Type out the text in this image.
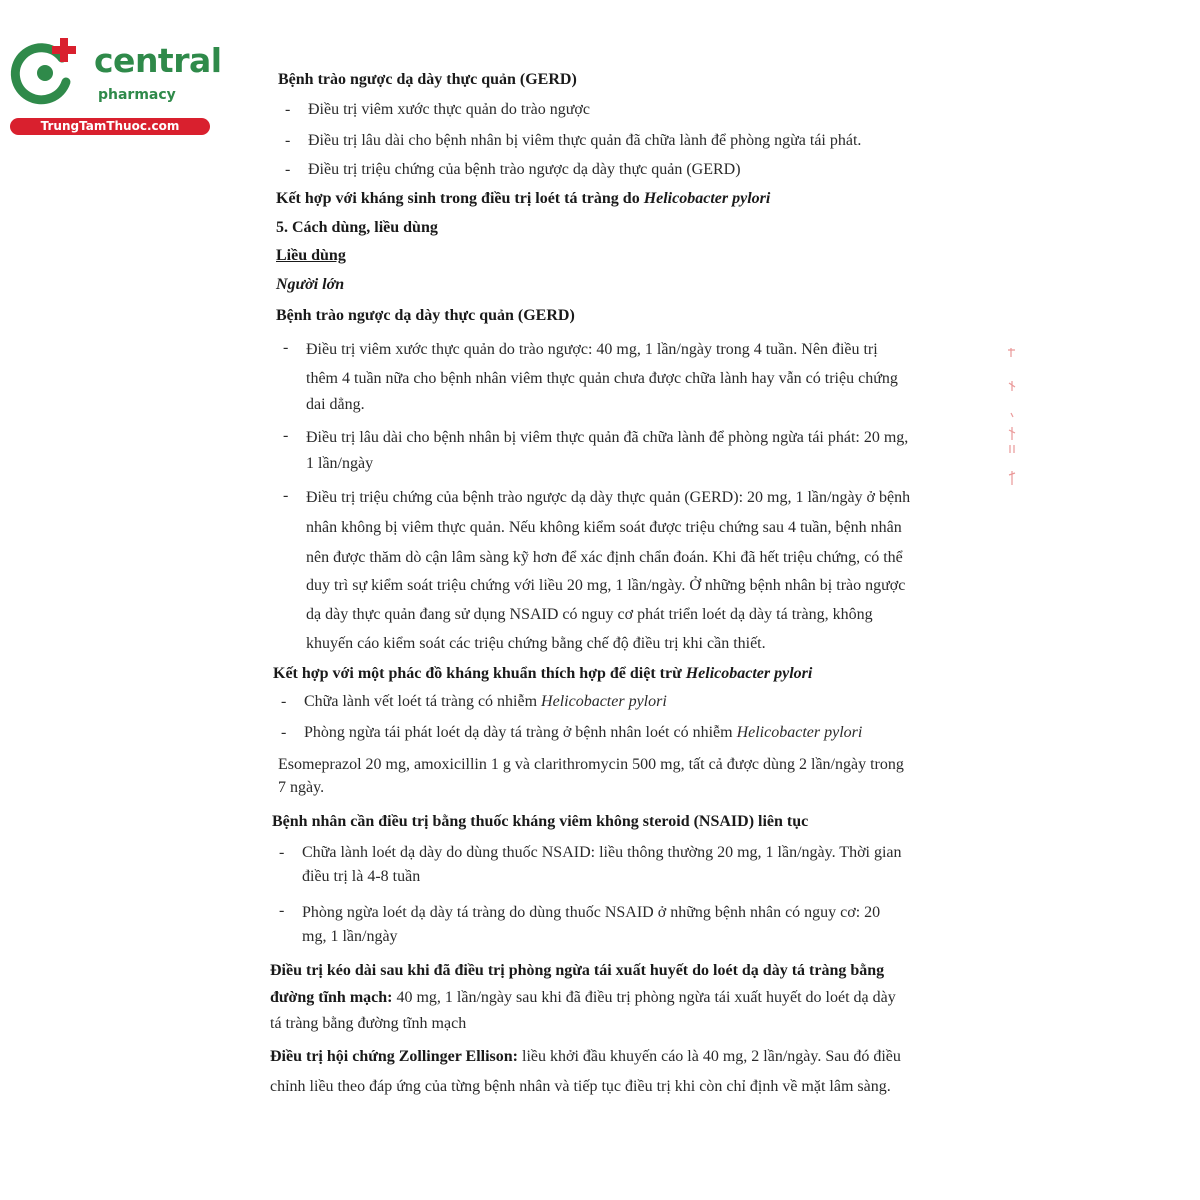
central
pharmacy
TrungTamThuoc.com
Bệnh trào ngược dạ dày thực quản (GERD)
- Điều trị viêm xước thực quản do trào ngược
- Điều trị lâu dài cho bệnh nhân bị viêm thực quản đã chữa lành để phòng ngừa tái phát.
- Điều trị triệu chứng của bệnh trào ngược dạ dày thực quản (GERD)
Kết hợp với kháng sinh trong điều trị loét tá tràng do Helicobacter pylori
5. Cách dùng, liều dùng
Liều dùng
Người lớn
Bệnh trào ngược dạ dày thực quản (GERD)
- Điều trị viêm xước thực quản do trào ngược: 40 mg, 1 lần/ngày trong 4 tuần. Nên điều trị
thêm 4 tuần nữa cho bệnh nhân viêm thực quản chưa được chữa lành hay vẫn có triệu chứng
dai dẳng.
- Điều trị lâu dài cho bệnh nhân bị viêm thực quản đã chữa lành để phòng ngừa tái phát: 20 mg,
1 lần/ngày
- Điều trị triệu chứng của bệnh trào ngược dạ dày thực quản (GERD): 20 mg, 1 lần/ngày ở bệnh
nhân không bị viêm thực quản. Nếu không kiểm soát được triệu chứng sau 4 tuần, bệnh nhân
nên được thăm dò cận lâm sàng kỹ hơn để xác định chẩn đoán. Khi đã hết triệu chứng, có thể
duy trì sự kiểm soát triệu chứng với liều 20 mg, 1 lần/ngày. Ở những bệnh nhân bị trào ngược
dạ dày thực quản đang sử dụng NSAID có nguy cơ phát triển loét dạ dày tá tràng, không
khuyến cáo kiểm soát các triệu chứng bằng chế độ điều trị khi cần thiết.
Kết hợp với một phác đồ kháng khuẩn thích hợp để diệt trừ Helicobacter pylori
- Chữa lành vết loét tá tràng có nhiễm Helicobacter pylori
- Phòng ngừa tái phát loét dạ dày tá tràng ở bệnh nhân loét có nhiễm Helicobacter pylori
Esomeprazol 20 mg, amoxicillin 1 g và clarithromycin 500 mg, tất cả được dùng 2 lần/ngày trong
7 ngày.
Bệnh nhân cần điều trị bằng thuốc kháng viêm không steroid (NSAID) liên tục
- Chữa lành loét dạ dày do dùng thuốc NSAID: liều thông thường 20 mg, 1 lần/ngày. Thời gian
điều trị là 4-8 tuần
- Phòng ngừa loét dạ dày tá tràng do dùng thuốc NSAID ở những bệnh nhân có nguy cơ: 20
mg, 1 lần/ngày
Điều trị kéo dài sau khi đã điều trị phòng ngừa tái xuất huyết do loét dạ dày tá tràng bằng
đường tĩnh mạch: 40 mg, 1 lần/ngày sau khi đã điều trị phòng ngừa tái xuất huyết do loét dạ dày
tá tràng bằng đường tĩnh mạch
Điều trị hội chứng Zollinger Ellison: liều khởi đầu khuyến cáo là 40 mg, 2 lần/ngày. Sau đó điều
chỉnh liều theo đáp ứng của từng bệnh nhân và tiếp tục điều trị khi còn chỉ định về mặt lâm sàng.
